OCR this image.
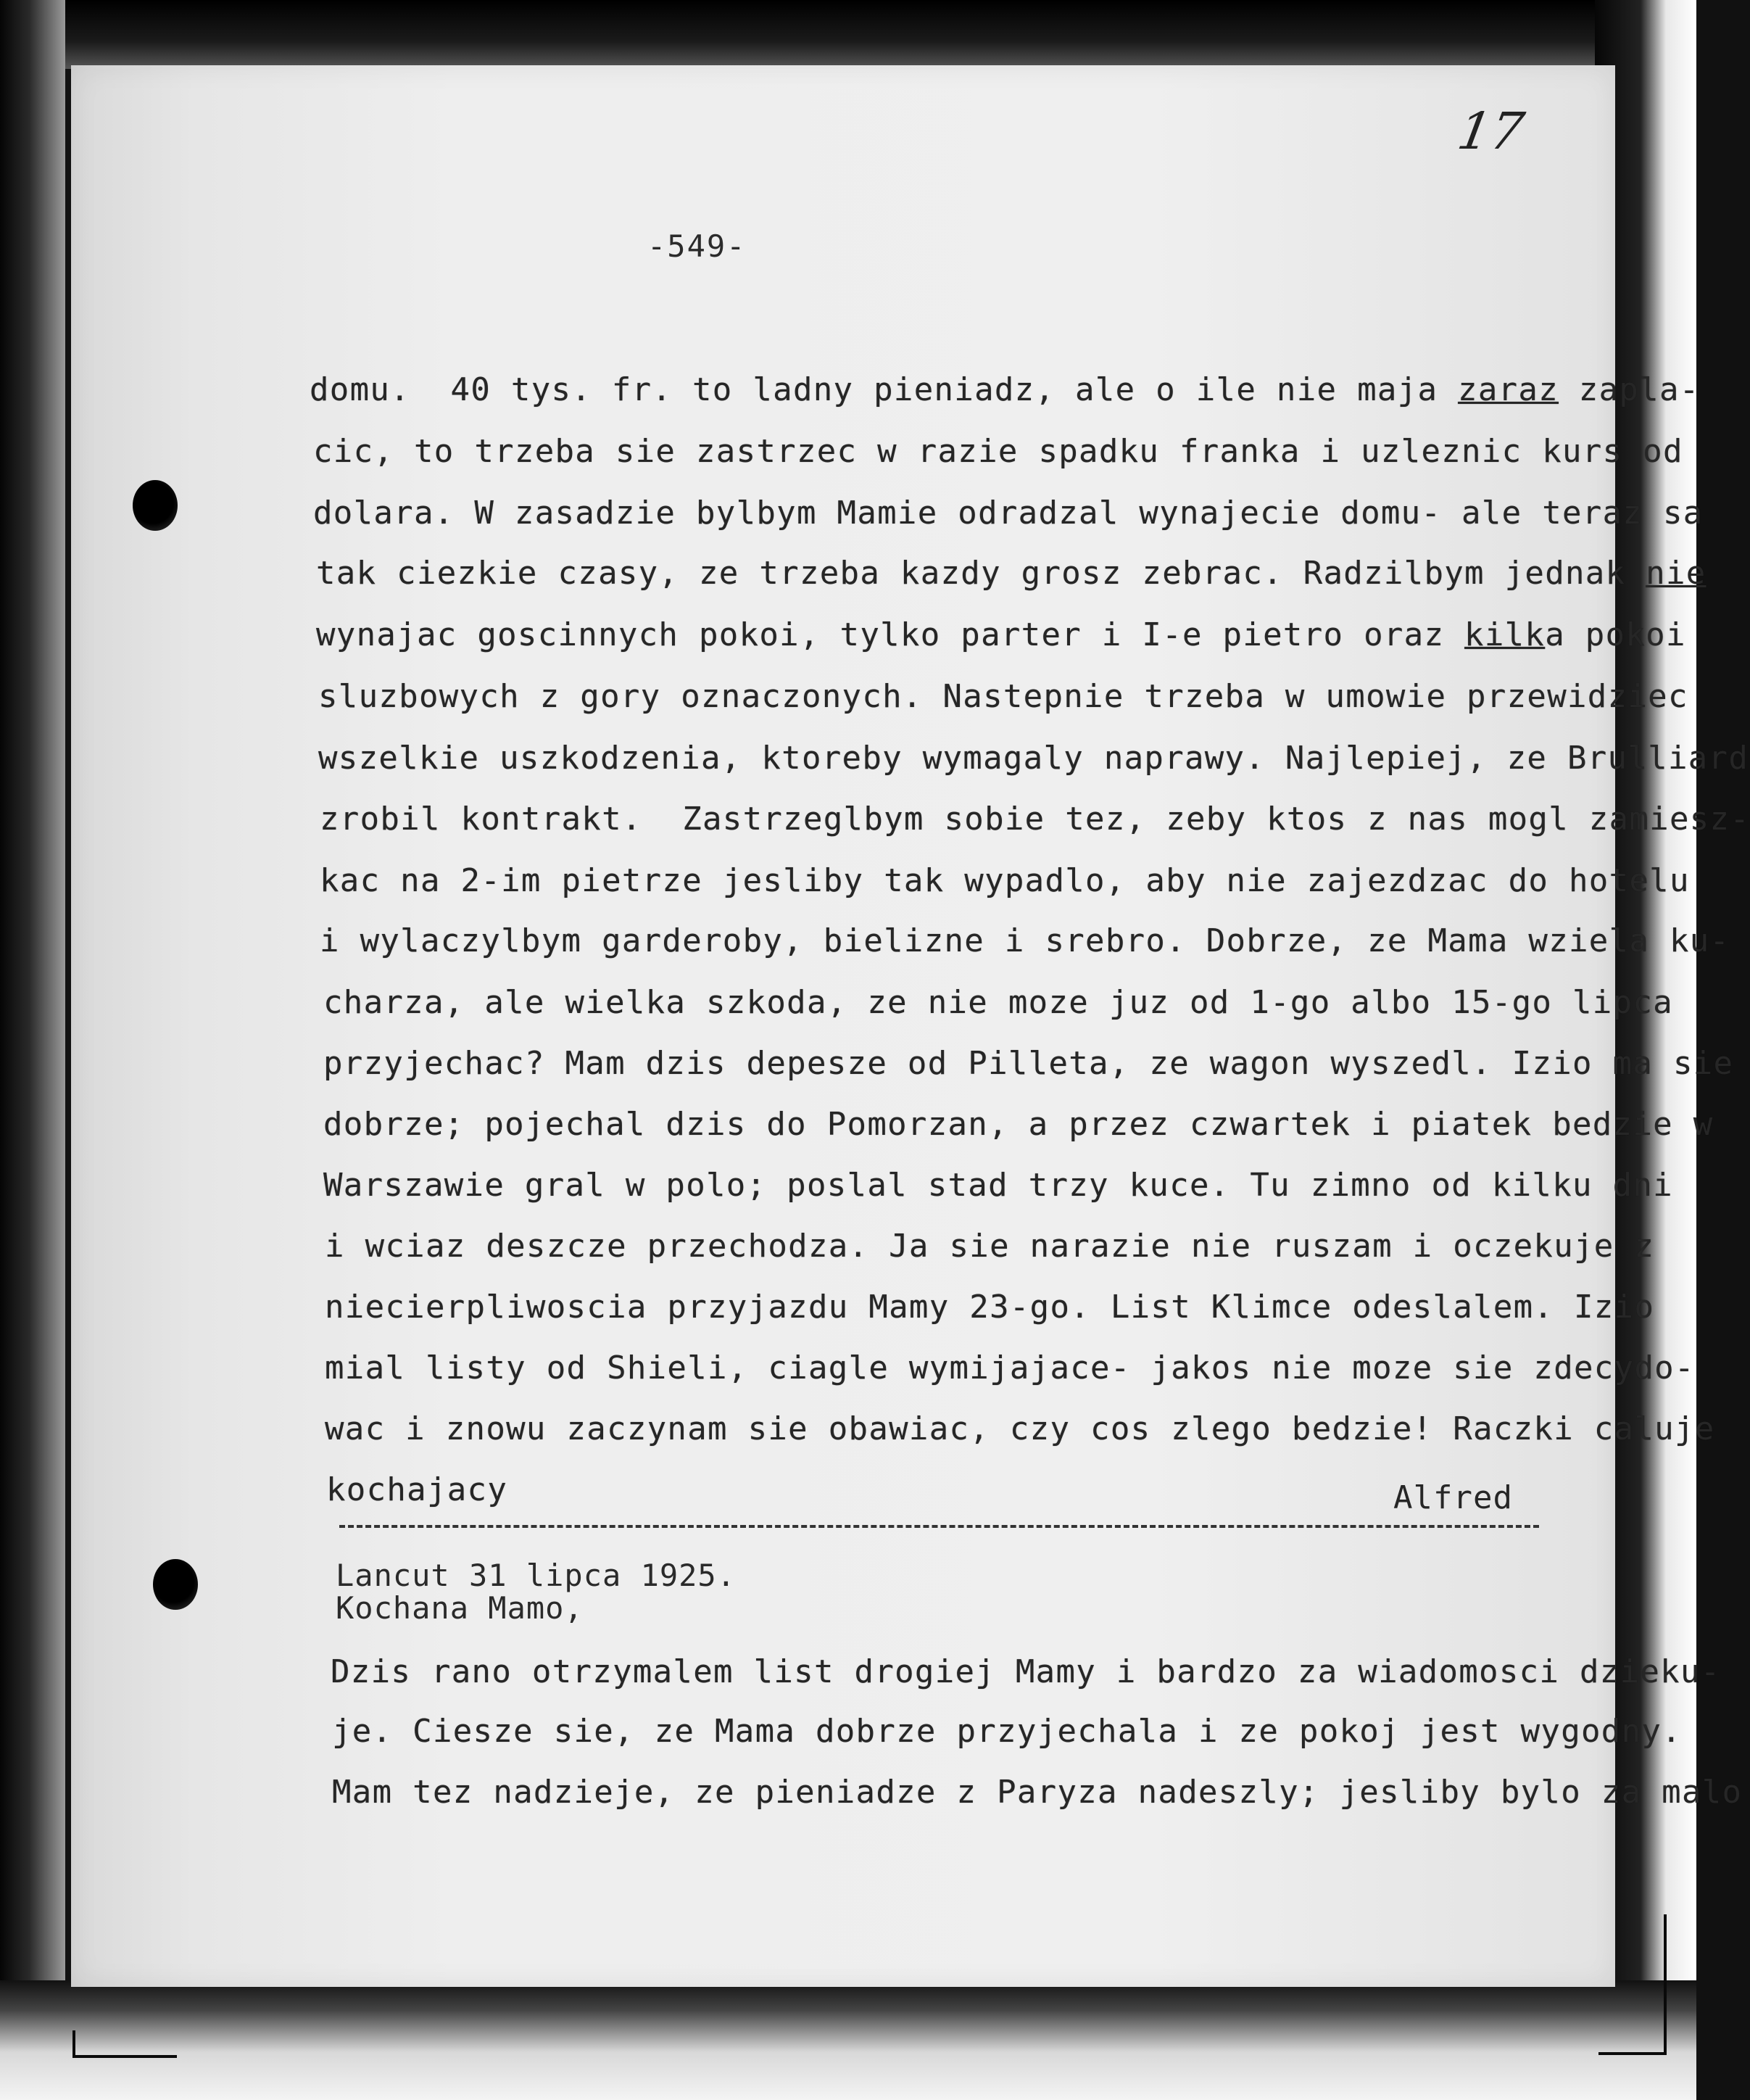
17
-549-
domu.  40 tys. fr. to ladny pieniadz, ale o ile nie maja zaraz zapla-
cic, to trzeba sie zastrzec w razie spadku franka i uzleznic kurs od
dolara. W zasadzie bylbym Mamie odradzal wynajecie domu- ale teraz sa
tak ciezkie czasy, ze trzeba kazdy grosz zebrac. Radzilbym jednak nie
wynajac goscinnych pokoi, tylko parter i I-e pietro oraz kilka pokoi
sluzbowych z gory oznaczonych. Nastepnie trzeba w umowie przewidziec
wszelkie uszkodzenia, ktoreby wymagaly naprawy. Najlepiej, ze Brulliard
zrobil kontrakt.  Zastrzeglbym sobie tez, zeby ktos z nas mogl zamiesz-
kac na 2-im pietrze jesliby tak wypadlo, aby nie zajezdzac do hotelu
i wylaczylbym garderoby, bielizne i srebro. Dobrze, ze Mama wziela ku-
charza, ale wielka szkoda, ze nie moze juz od 1-go albo 15-go lipca
przyjechac? Mam dzis depesze od Pilleta, ze wagon wyszedl. Izio ma sie
dobrze; pojechal dzis do Pomorzan, a przez czwartek i piatek bedzie w
Warszawie gral w polo; poslal stad trzy kuce. Tu zimno od kilku dni
i wciaz deszcze przechodza. Ja sie narazie nie ruszam i oczekuje z
niecierpliwoscia przyjazdu Mamy 23-go. List Klimce odeslalem. Izio
mial listy od Shieli, ciagle wymijajace- jakos nie moze sie zdecydo-
wac i znowu zaczynam sie obawiac, czy cos zlego bedzie! Raczki caluje
kochajacy	Alfred
Lancut 31 lipca 1925.
Kochana Mamo,
Dzis rano otrzymalem list drogiej Mamy i bardzo za wiadomosci dzieku-
je. Ciesze sie, ze Mama dobrze przyjechala i ze pokoj jest wygodny.
Mam tez nadzieje, ze pieniadze z Paryza nadeszly; jesliby bylo za malo
